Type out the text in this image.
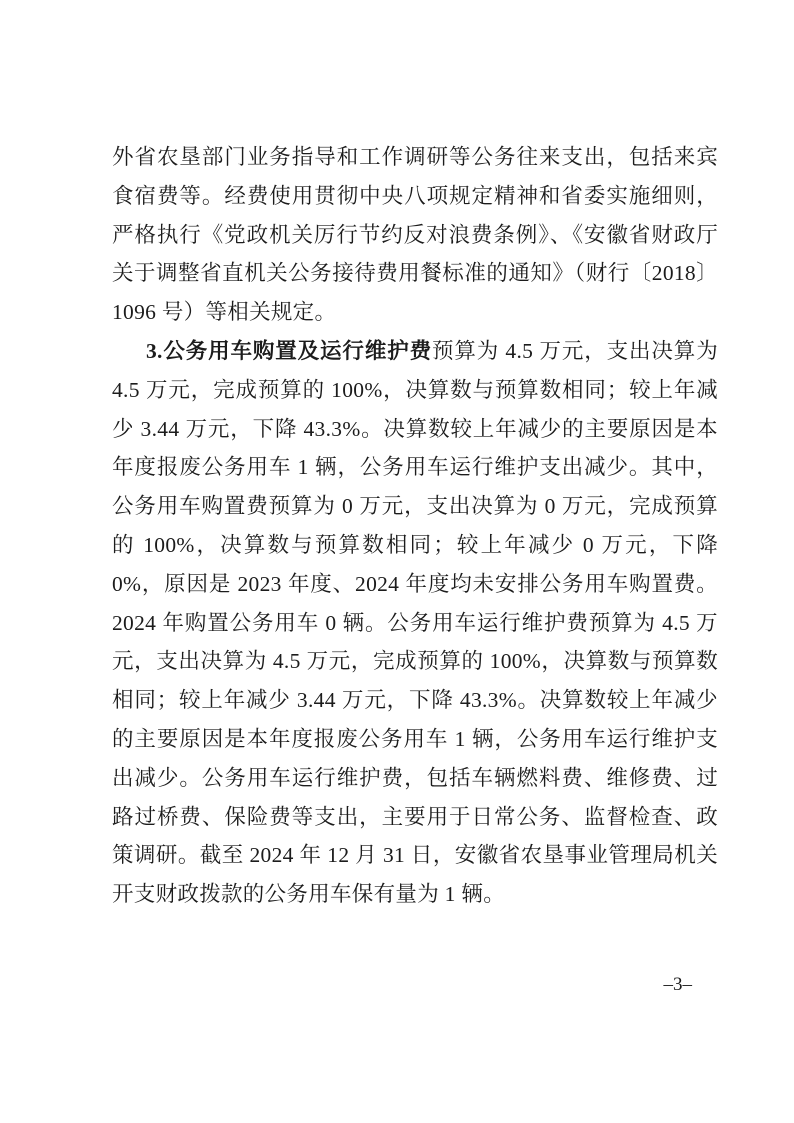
外省农垦部门业务指导和工作调研等公务往来支出，包括来宾食宿费等。经费使用贯彻中央八项规定精神和省委实施细则，严格执行《党政机关厉行节约反对浪费条例》、《安徽省财政厅关于调整省直机关公务接待费用餐标准的通知》（财行〔2018〕1096 号）等相关规定。

3.公务用车购置及运行维护费预算为 4.5 万元，支出决算为 4.5 万元，完成预算的 100%，决算数与预算数相同；较上年减少 3.44 万元，下降 43.3%。决算数较上年减少的主要原因是本年度报废公务用车 1 辆，公务用车运行维护支出减少。其中，公务用车购置费预算为 0 万元，支出决算为 0 万元，完成预算的 100%，决算数与预算数相同；较上年减少 0 万元，下降 0%，原因是 2023 年度、2024 年度均未安排公务用车购置费。2024 年购置公务用车 0 辆。公务用车运行维护费预算为 4.5 万元，支出决算为 4.5 万元，完成预算的 100%，决算数与预算数相同；较上年减少 3.44 万元，下降 43.3%。决算数较上年减少的主要原因是本年度报废公务用车 1 辆，公务用车运行维护支出减少。公务用车运行维护费，包括车辆燃料费、维修费、过路过桥费、保险费等支出，主要用于日常公务、监督检查、政策调研。截至 2024 年 12 月 31 日，安徽省农垦事业管理局机关开支财政拨款的公务用车保有量为 1 辆。

–3–
